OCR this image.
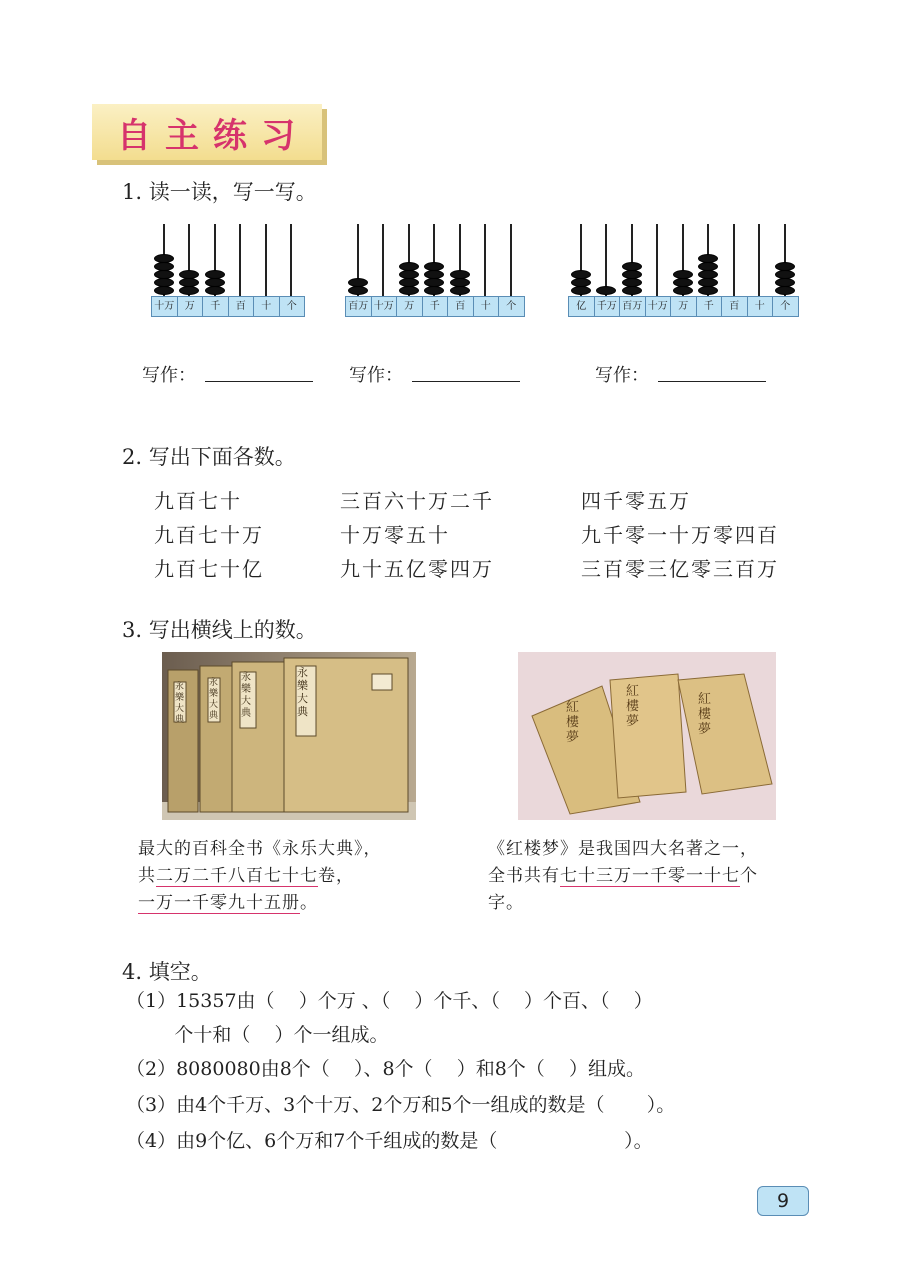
自主练习
1. 读一读，写一写。
十万	万	千	百	十	个	百万 十万	万	千	百	十	个	亿	千万 百万 十万	万	千	百	十	个
写作：	写作：	写作：
2. 写出下面各数。
九百七十	三百六十万二千	四千零五万
九百七十万	十万零五十	九千零一十万零四百
九百七十亿	九十五亿零四万	三百零三亿零三百万
3. 写出横线上的数。
永樂大典
永樂大典
永樂大典
永樂大典
紅樓夢
紅樓夢
紅樓夢
最大的百科全书《永乐大典》，
共二万二千八百七十七卷，
一万一千零九十五册。
《红楼梦》是我国四大名著之一，
全书共有七十三万一千零一十七个
字。
4. 填空。
（1）15357由（    ）个万 、（    ）个千、（    ）个百、（    ）
个十和（    ）个一组成。
（2）8080080由8个（    ）、8个（    ）和8个（    ）组成。
（3）由4个千万、3个十万、2个万和5个一组成的数是（       ）。
（4）由9个亿、6个万和7个千组成的数是（                     ）。
9
